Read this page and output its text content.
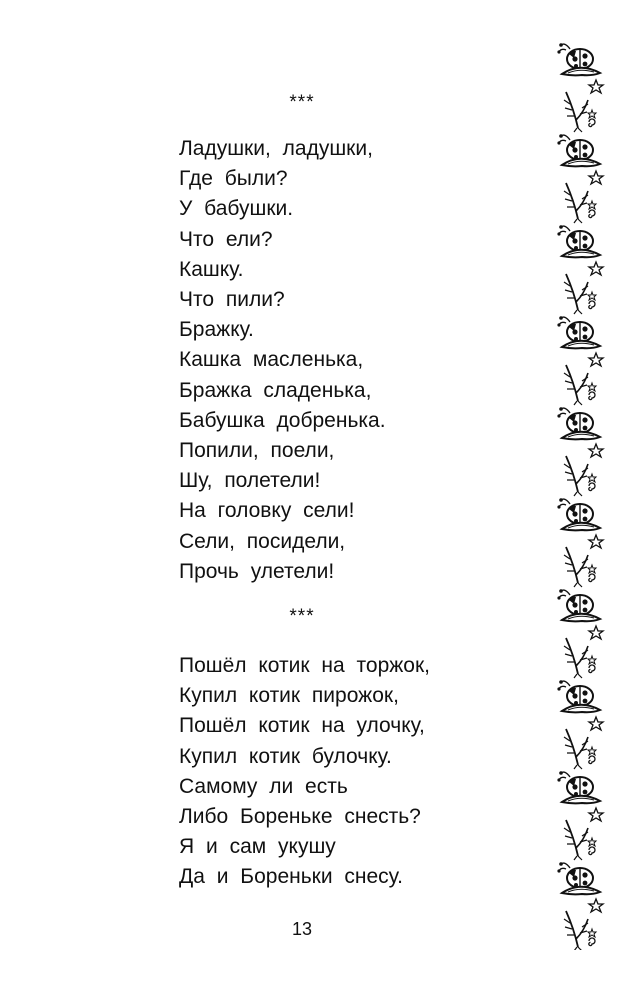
***
Ладушки, ладушки,
Где были?
У бабушки.
Что ели?
Кашку.
Что пили?
Бражку.
Кашка масленька,
Бражка сладенька,
Бабушка добренька.
Попили, поели,
Шу, полетели!
На головку сели!
Сели, посидели,
Прочь улетели!
***
Пошёл котик на торжок,
Купил котик пирожок,
Пошёл котик на улочку,
Купил котик булочку.
Самому ли есть
Либо Бореньке снесть?
Я и сам укушу
Да и Бореньки снесу.
13
